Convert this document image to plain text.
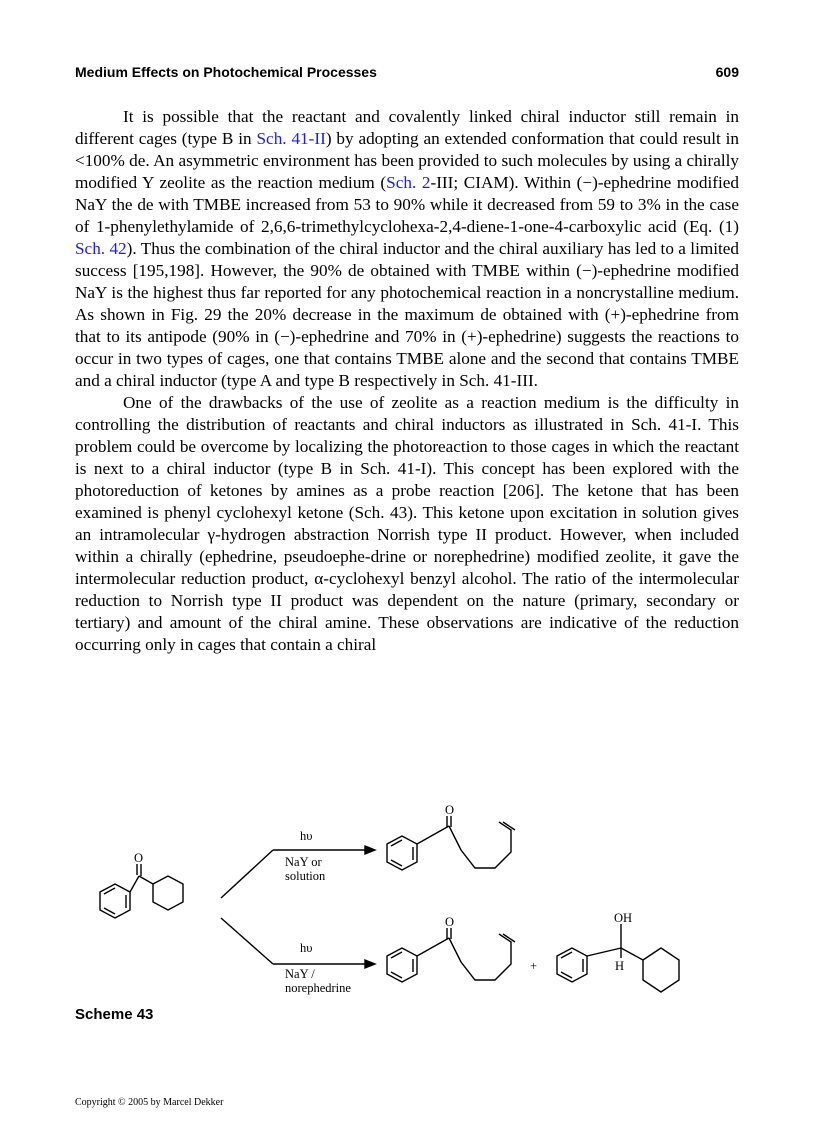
Medium Effects on Photochemical Processes	609

It is possible that the reactant and covalently linked chiral inductor still remain in different cages (type B in Sch. 41-II) by adopting an extended conformation that could result in <100% de. An asymmetric environment has been provided to such molecules by using a chirally modified Y zeolite as the reaction medium (Sch. 2-III; CIAM). Within (−)-ephedrine modified NaY the de with TMBE increased from 53 to 90% while it decreased from 59 to 3% in the case of 1-phenylethylamide of 2,6,6-trimethylcyclohexa-2,4-diene-1-one-4-carboxylic acid (Eq. (1) Sch. 42). Thus the combination of the chiral inductor and the chiral auxiliary has led to a limited success [195,198]. However, the 90% de obtained with TMBE within (−)-ephedrine modified NaY is the highest thus far reported for any photochemical reaction in a noncrystalline medium. As shown in Fig. 29 the 20% decrease in the maximum de obtained with (+)-ephedrine from that to its antipode (90% in (−)-ephedrine and 70% in (+)-ephedrine) suggests the reactions to occur in two types of cages, one that contains TMBE alone and the second that contains TMBE and a chiral inductor (type A and type B respectively in Sch. 41-III.

One of the drawbacks of the use of zeolite as a reaction medium is the difficulty in controlling the distribution of reactants and chiral inductors as illustrated in Sch. 41-I. This problem could be overcome by localizing the photoreaction to those cages in which the reactant is next to a chiral inductor (type B in Sch. 41-I). This concept has been explored with the photoreduction of ketones by amines as a probe reaction [206]. The ketone that has been examined is phenyl cyclohexyl ketone (Sch. 43). This ketone upon excitation in solution gives an intramolecular γ-hydrogen abstraction Norrish type II product. However, when included within a chirally (ephedrine, pseudoephe-drine or norephedrine) modified zeolite, it gave the intermolecular reduction product, α-cyclohexyl benzyl alcohol. The ratio of the intermolecular reduction to Norrish type II product was dependent on the nature (primary, secondary or tertiary) and amount of the chiral amine. These observations are indicative of the reduction occurring only in cages that contain a chiral

O
O
O	OH
H
+
hυ
NaY or
solution
hυ
NaY /
norephedrine
Scheme 43
Copyright © 2005 by Marcel Dekker
